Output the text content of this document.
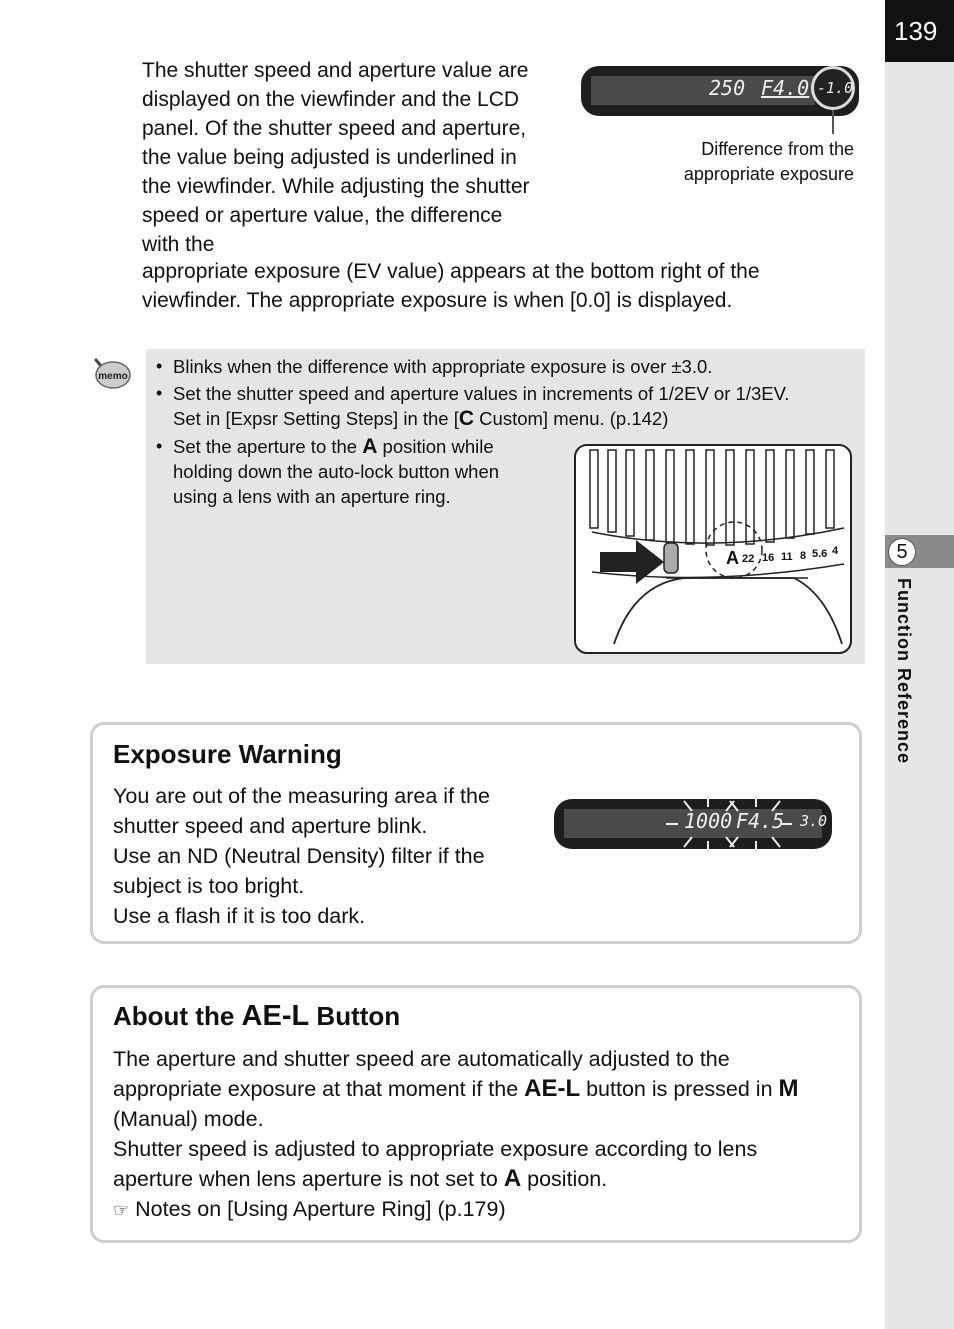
139
5
Function Reference

The shutter speed and aperture value are displayed on the viewfinder and the LCD panel. Of the shutter speed and aperture, the value being adjusted is underlined in the viewfinder. While adjusting the shutter speed or aperture value, the difference with the

appropriate exposure (EV value) appears at the bottom right of the viewfinder. The appropriate exposure is when [0.0] is displayed.

250 F4.0 -1.0

Difference from the appropriate exposure

memo
• Blinks when the difference with appropriate exposure is over ±3.0.

• Set the shutter speed and aperture values in increments of 1/2EV or 1/3EV.
Set in [Expsr Setting Steps] in the [C Custom] menu. (p.142)

• Set the aperture to the A position while holding down the auto-lock button when using a lens with an aperture ring.

A 22 16 11 8 5.6 4
Exposure Warning

You are out of the measuring area if the shutter speed and aperture blink.

Use an ND (Neutral Density) filter if the subject is too bright.

Use a flash if it is too dark.

1000 F4.5 3.0
About the AE-L Button

The aperture and shutter speed are automatically adjusted to the appropriate exposure at that moment if the AE-L button is pressed in M (Manual) mode.

Shutter speed is adjusted to appropriate exposure according to lens aperture when lens aperture is not set to A position.

☞ Notes on [Using Aperture Ring] (p.179)
